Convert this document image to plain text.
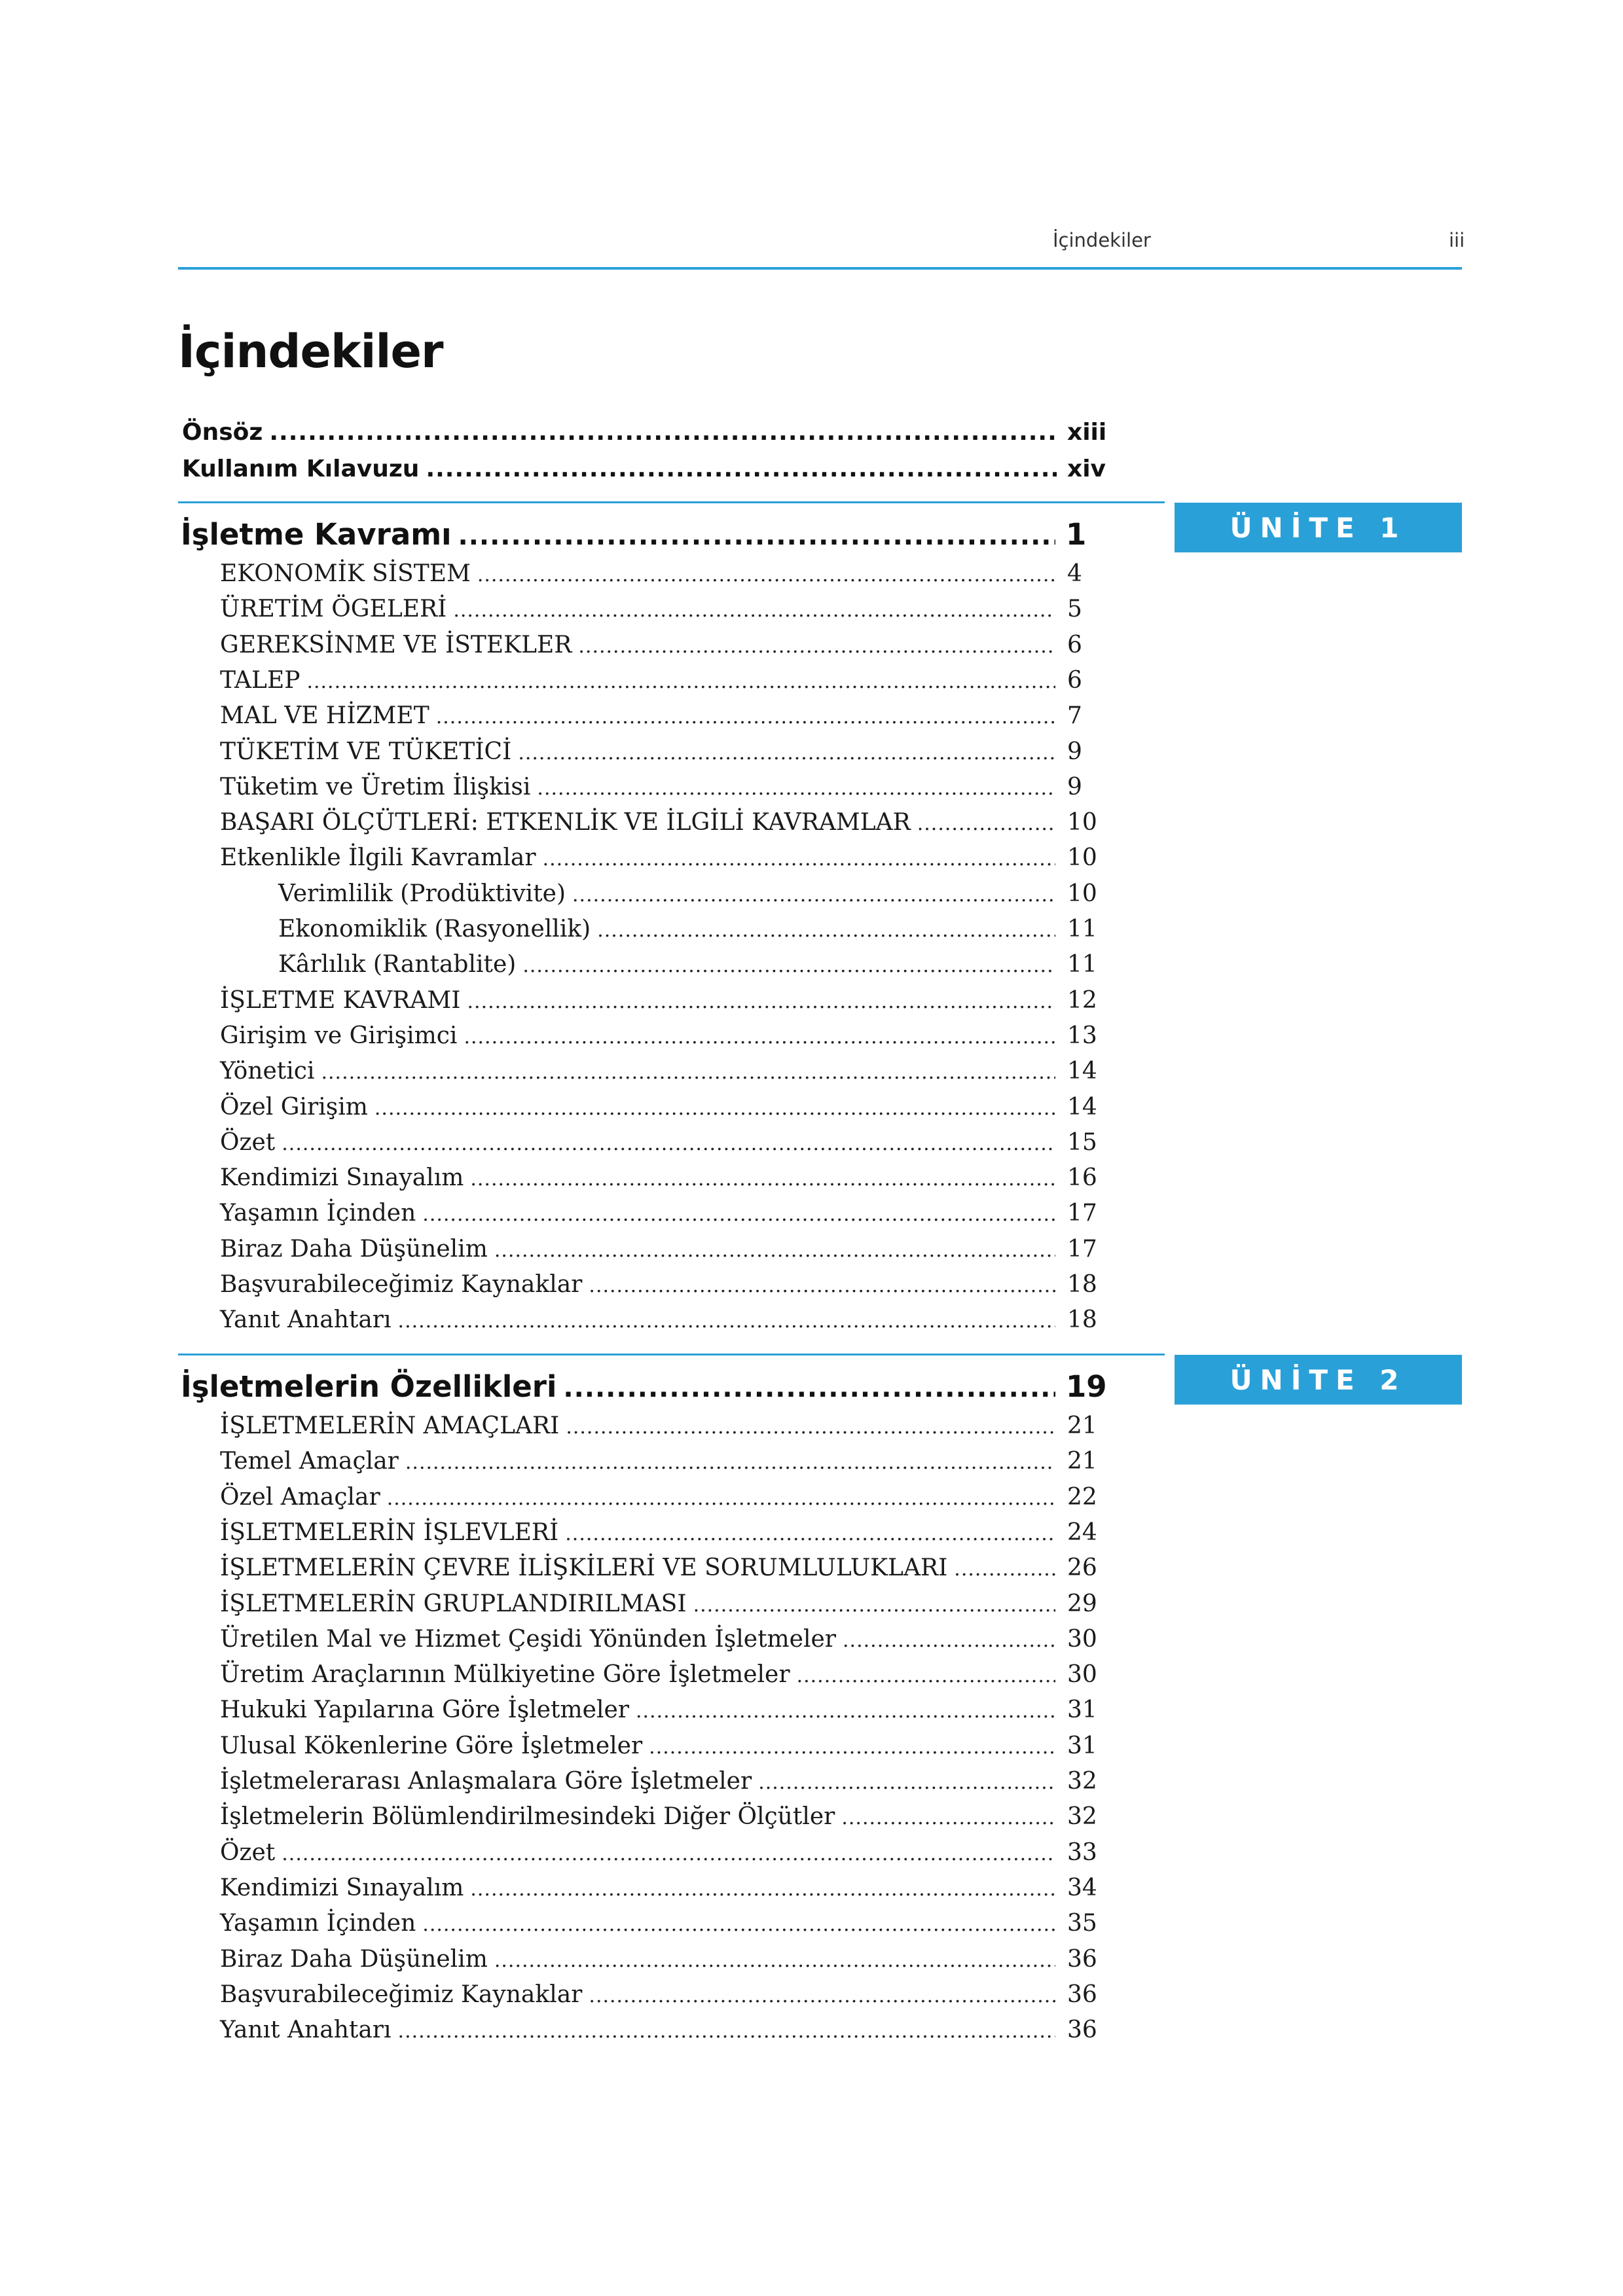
İçindekiler	iii
İçindekiler
Önsöz .....	xiii
Kullanım Kılavuzu .....	xiv
ÜNİTE 1
İşletme Kavramı .....	1
EKONOMİK SİSTEM .....	4
ÜRETİM ÖGELERİ .....	5
GEREKSİNME VE İSTEKLER .....	6
TALEP .....	6
MAL VE HİZMET .....	7
TÜKETİM VE TÜKETİCİ .....	9
Tüketim ve Üretim İlişkisi .....	9
BAŞARI ÖLÇÜTLERİ: ETKENLİK VE İLGİLİ KAVRAMLAR .....	10
Etkenlikle İlgili Kavramlar .....	10
Verimlilik (Prodüktivite) .....	10
Ekonomiklik (Rasyonellik) .....	11
Kârlılık (Rantablite) .....	11
İŞLETME KAVRAMI .....	12
Girişim ve Girişimci .....	13
Yönetici .....	14
Özel Girişim .....	14
Özet .....	15
Kendimizi Sınayalım .....	16
Yaşamın İçinden .....	17
Biraz Daha Düşünelim .....	17
Başvurabileceğimiz Kaynaklar .....	18
Yanıt Anahtarı .....	18
ÜNİTE 2
İşletmelerin Özellikleri .....	19
İŞLETMELERİN AMAÇLARI .....	21
Temel Amaçlar .....	21
Özel Amaçlar .....	22
İŞLETMELERİN İŞLEVLERİ .....	24
İŞLETMELERİN ÇEVRE İLİŞKİLERİ VE SORUMLULUKLARI .....	26
İŞLETMELERİN GRUPLANDIRILMASI .....	29
Üretilen Mal ve Hizmet Çeşidi Yönünden İşletmeler .....	30
Üretim Araçlarının Mülkiyetine Göre İşletmeler .....	30
Hukuki Yapılarına Göre İşletmeler .....	31
Ulusal Kökenlerine Göre İşletmeler .....	31
İşletmelerarası Anlaşmalara Göre İşletmeler .....	32
İşletmelerin Bölümlendirilmesindeki Diğer Ölçütler .....	32
Özet .....	33
Kendimizi Sınayalım .....	34
Yaşamın İçinden .....	35
Biraz Daha Düşünelim .....	36
Başvurabileceğimiz Kaynaklar .....	36
Yanıt Anahtarı .....	36
